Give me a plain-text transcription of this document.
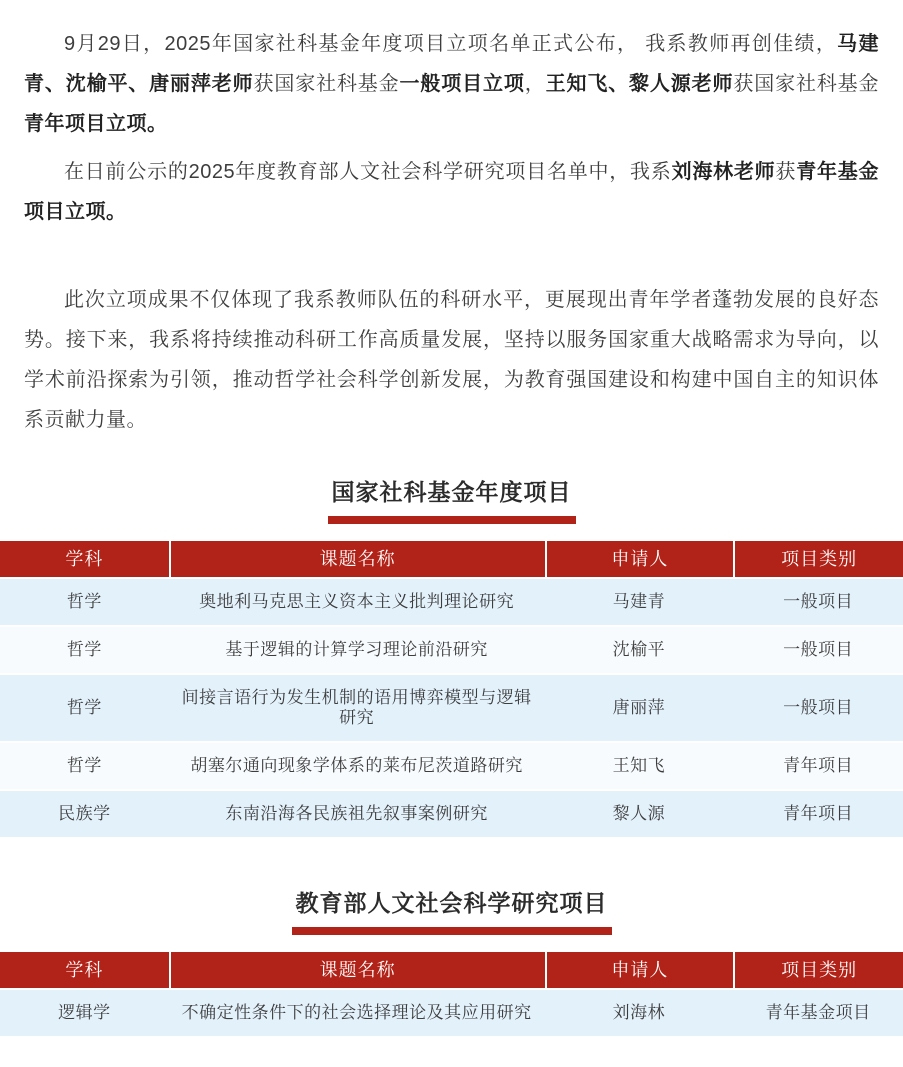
9月29日，2025年国家社科基金年度项目立项名单正式公布， 我系教师再创佳绩，马建青、沈榆平、唐丽萍老师获国家社科基金一般项目立项，王知飞、黎人源老师获国家社科基金青年项目立项。

在日前公示的2025年度教育部人文社会科学研究项目名单中，我系刘海林老师获青年基金项目立项。

此次立项成果不仅体现了我系教师队伍的科研水平，更展现出青年学者蓬勃发展的良好态势。接下来，我系将持续推动科研工作高质量发展，坚持以服务国家重大战略需求为导向，以学术前沿探索为引领，推动哲学社会科学创新发展，为教育强国建设和构建中国自主的知识体系贡献力量。

国家社科基金年度项目
学科	课题名称	申请人	项目类别
哲学	奥地利马克思主义资本主义批判理论研究	马建青	一般项目
哲学	基于逻辑的计算学习理论前沿研究	沈榆平	一般项目
哲学	间接言语行为发生机制的语用博弈模型与逻辑研究	唐丽萍	一般项目
哲学	胡塞尔通向现象学体系的莱布尼茨道路研究	王知飞	青年项目
民族学	东南沿海各民族祖先叙事案例研究	黎人源	青年项目
教育部人文社会科学研究项目
学科	课题名称	申请人	项目类别
逻辑学	不确定性条件下的社会选择理论及其应用研究	刘海林	青年基金项目
